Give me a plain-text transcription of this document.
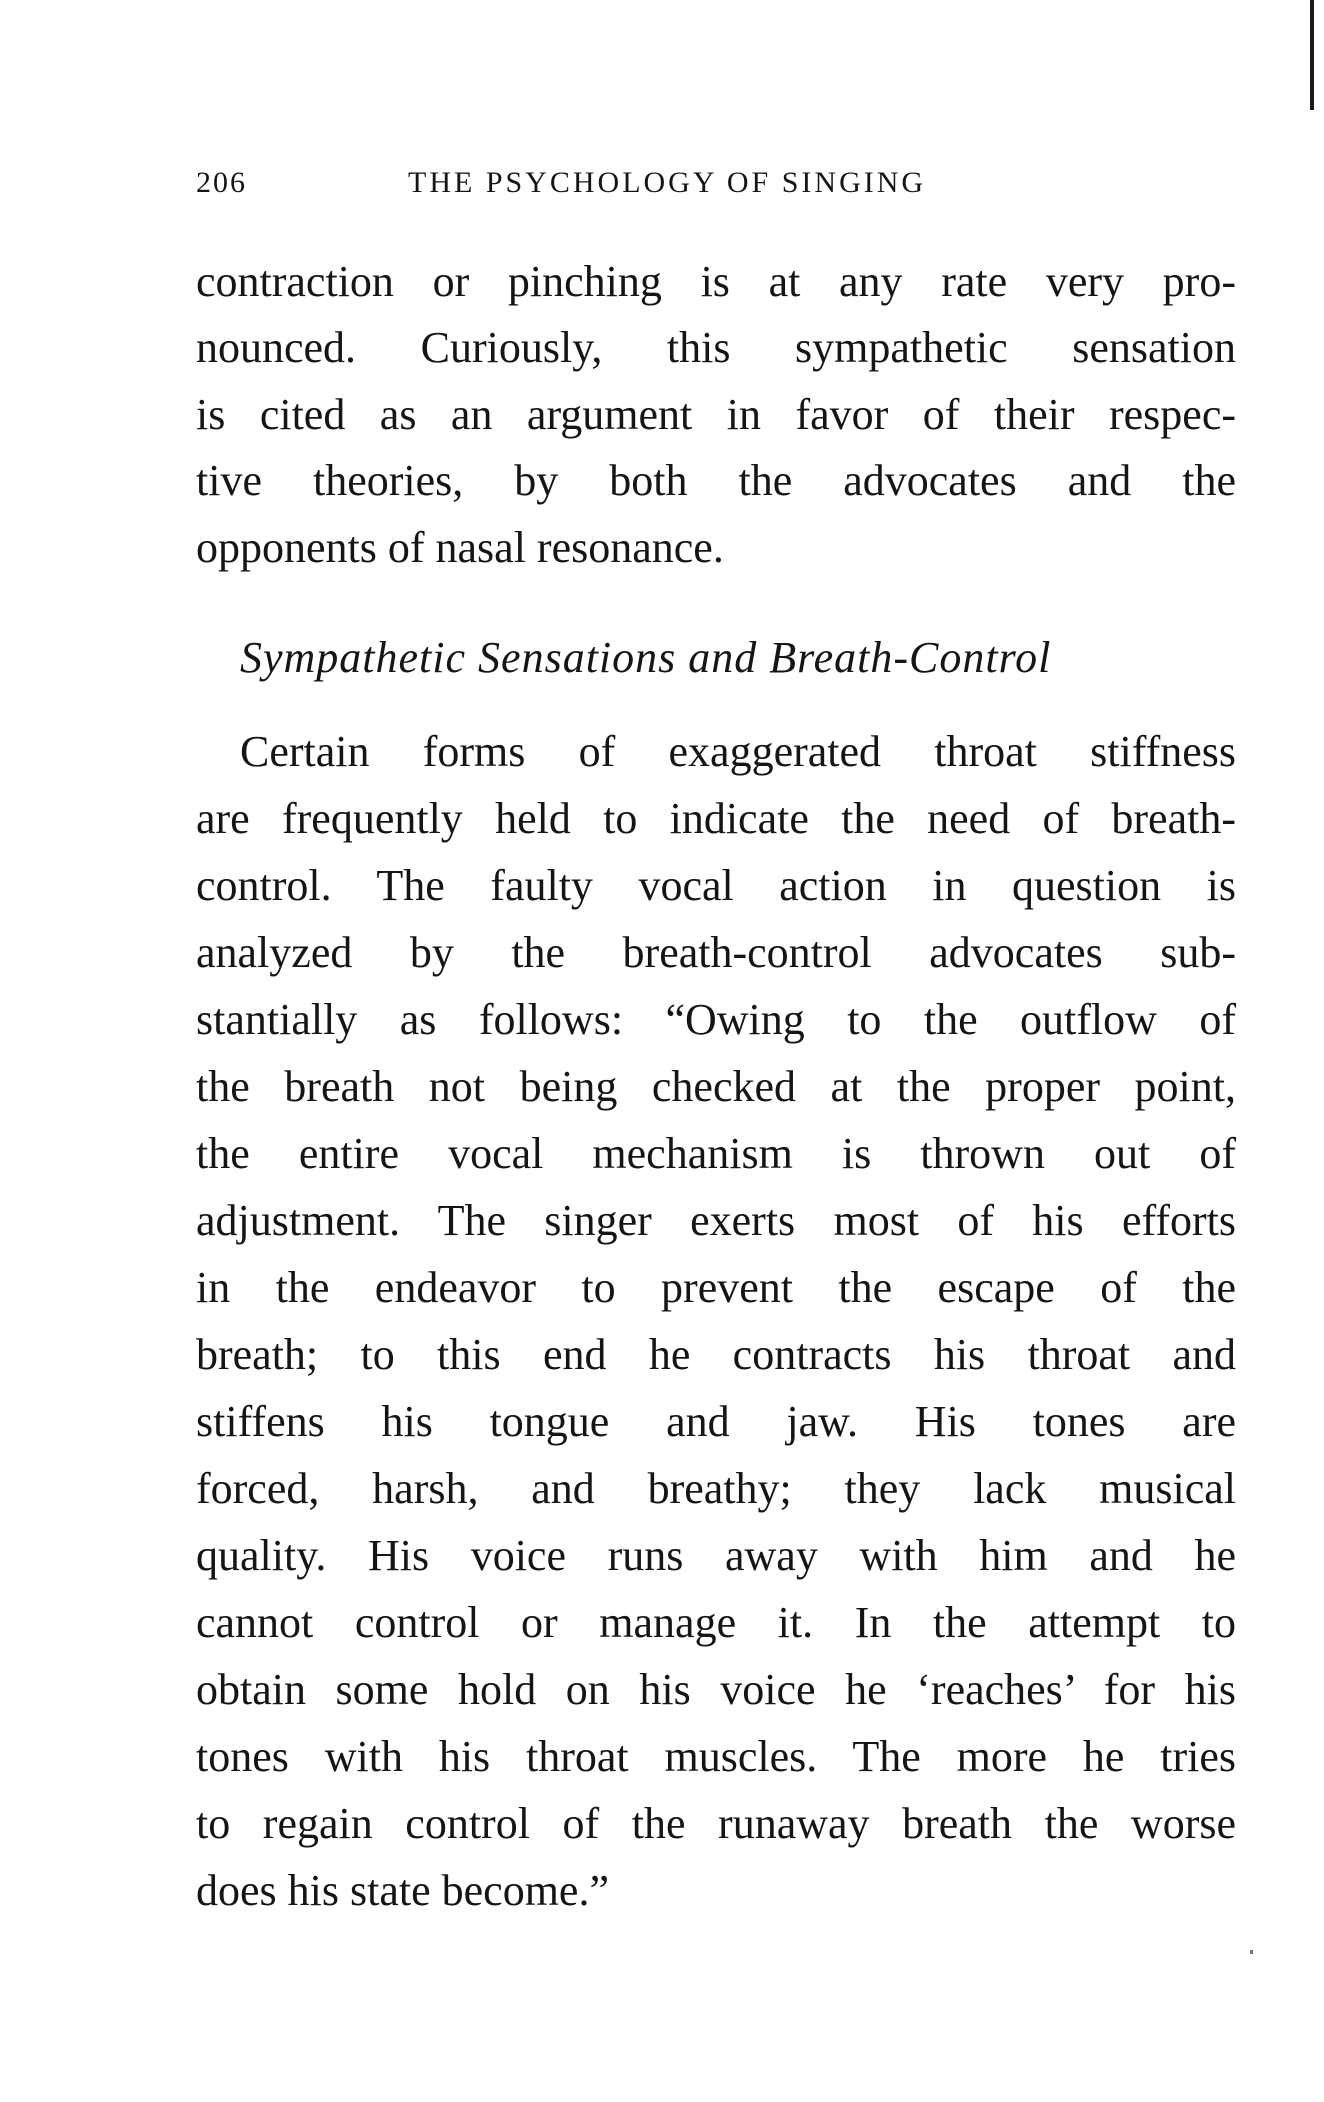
206	THE PSYCHOLOGY OF SINGING
contraction or pinching is at any rate very pro-
nounced. Curiously, this sympathetic sensation
is cited as an argument in favor of their respec-
tive theories, by both the advocates and the
opponents of nasal resonance.
Sympathetic Sensations and Breath-Control
Certain forms of exaggerated throat stiffness
are frequently held to indicate the need of breath-
control. The faulty vocal action in question is
analyzed by the breath-control advocates sub-
stantially as follows: “Owing to the outflow of
the breath not being checked at the proper point,
the entire vocal mechanism is thrown out of
adjustment. The singer exerts most of his efforts
in the endeavor to prevent the escape of the
breath; to this end he contracts his throat and
stiffens his tongue and jaw. His tones are
forced, harsh, and breathy; they lack musical
quality. His voice runs away with him and he
cannot control or manage it. In the attempt to
obtain some hold on his voice he ‘reaches’ for his
tones with his throat muscles. The more he tries
to regain control of the runaway breath the worse
does his state become.”
